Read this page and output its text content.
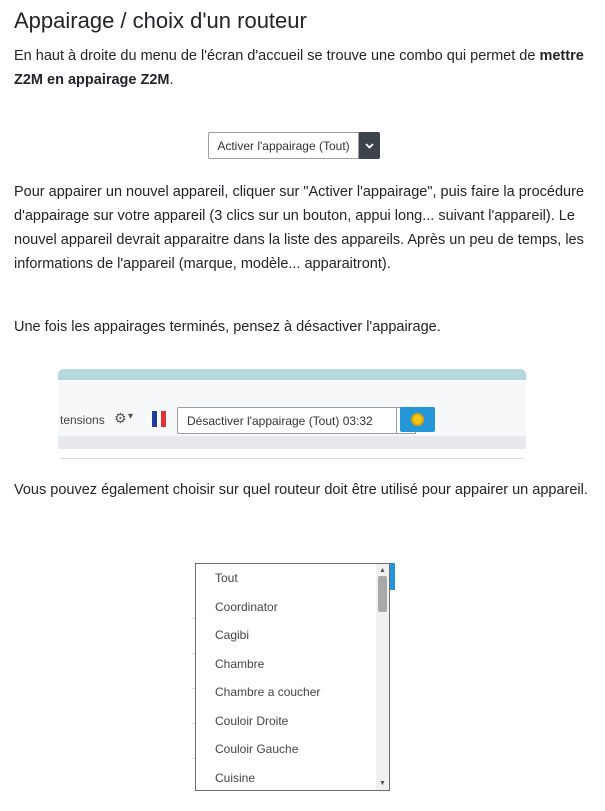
Appairage / choix d'un routeur

En haut à droite du menu de l'écran d'accueil se trouve une combo qui permet de mettre Z2M en appairage Z2M.

Activer l'appairage (Tout)

Pour appairer un nouvel appareil, cliquer sur "Activer l'appairage", puis faire la procédure d'appairage sur votre appareil (3 clics sur un bouton, appui long... suivant l'appareil). Le nouvel appareil devrait apparaitre dans la liste des appareils. Après un peu de temps, les informations de l'appareil (marque, modèle... apparaitront).

Une fois les appairages terminés, pensez à désactiver l'appairage.

tensions ⚙ ▾	Désactiver l'appairage (Tout) 03:32

Vous pouvez également choisir sur quel routeur doit être utilisé pour appairer un appareil.

Tout
Coordinator
Cagibi
Chambre
Chambre a coucher
Couloir Droite
Couloir Gauche
Cuisine
▲
▼
